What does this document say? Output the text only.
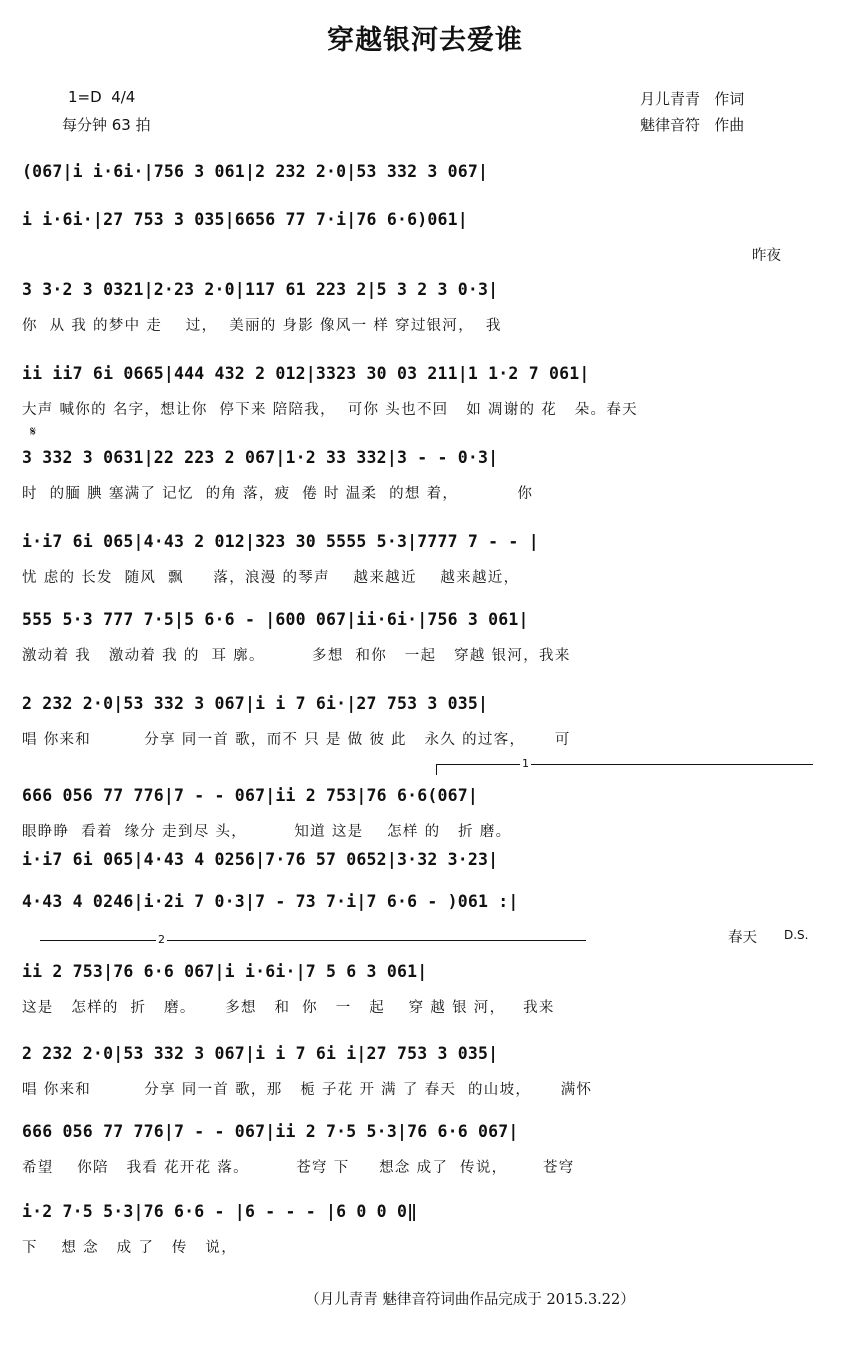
穿越银河去爱谁
1=D  4/4
每分钟 63 拍
月儿青青   作词
魅律音符   作曲
(067|i i·6i·|756 3 061|2 232 2·0|53 332 3 067|
i i·6i·|27 753 3 035|6656 77 7·i|76 6·6)061|
昨夜
3 3·2 3 0321|2·23 2·0|117 61 223 2|5 3 2 3 0·3|
你  从 我 的梦中 走    过，  美丽的 身影 像风一 样 穿过银河，  我
ii ii7 6i 0665|444 432 2 012|3323 30 03 211|1 1·2 7 061|
大声 喊你的 名字，想让你  停下来 陪陪我，  可你 头也不回   如 凋谢的 花   朵。春天
𝄋
3 332 3 0631|22 223 2 067|1·2 33 332|3 - - 0·3|
时  的腼 腆 塞满了 记忆  的角 落，疲  倦 时 温柔  的想 着，          你
i·i7 6i 065|4·43 2 012|323 30 5555 5·3|7777 7 - - |
忧 虑的 长发  随风  飘     落，浪漫 的琴声    越来越近    越来越近，
555 5·3 777 7·5|5 6·6 - |600 067|ii·6i·|756 3 061|
激动着 我   激动着 我 的  耳 廓。        多想  和你   一起   穿越 银河，我来
2 232 2·0|53 332 3 067|i i 7 6i·|27 753 3 035|
唱 你来和         分享 同一首 歌，而不 只 是 做 彼 此   永久 的过客，     可
1
666 056 77 776|7 - - 067|ii 2 753|76 6·6(067|
眼睁睁  看着  缘分 走到尽 头，        知道 这是    怎样 的   折 磨。
i·i7 6i 065|4·43 4 0256|7·76 57 0652|3·32 3·23|
4·43 4 0246|i·2i 7 0·3|7 - 73 7·i|7 6·6 - )061 :|
春天 D.S.
2
ii 2 753|76 6·6 067|i i·6i·|7 5 6 3 061|
这是   怎样的  折   磨。     多想   和  你   一   起    穿 越 银 河，   我来
2 232 2·0|53 332 3 067|i i 7 6i i|27 753 3 035|
唱 你来和         分享 同一首 歌，那   栀 子花 开 满 了 春天  的山坡，     满怀
666 056 77 776|7 - - 067|ii 2 7·5 5·3|76 6·6 067|
希望    你陪   我看 花开花 落。        苍穹 下     想念 成了  传说，      苍穹
i·2 7·5 5·3|76 6·6 - |6 - - - |6 0 0 0‖
下    想 念   成 了   传   说，
（月儿青青 魅律音符词曲作品完成于 2015.3.22）
